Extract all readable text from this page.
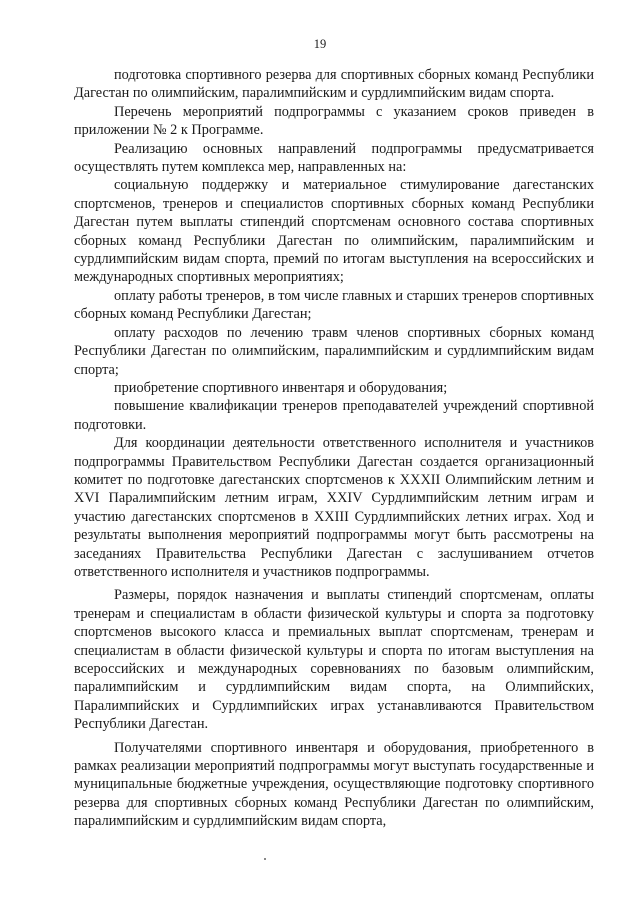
19

подготовка спортивного резерва для спортивных сборных команд Республики Дагестан по олимпийским, паралимпийским и сурдлимпийским видам спорта.

Перечень мероприятий подпрограммы с указанием сроков приведен в приложении № 2 к Программе.

Реализацию основных направлений подпрограммы предусматривается осуществлять путем комплекса мер, направленных на:

социальную поддержку и материальное стимулирование дагестанских спортсменов, тренеров и специалистов спортивных сборных команд Республики Дагестан путем выплаты стипендий спортсменам основного состава спортивных сборных команд Республики Дагестан по олимпийским, паралимпийским и сурдлимпийским видам спорта, премий по итогам выступления на всероссийских и международных спортивных мероприятиях;

оплату работы тренеров, в том числе главных и старших тренеров спортивных сборных команд Республики Дагестан;

оплату расходов по лечению травм членов спортивных сборных команд Республики Дагестан по олимпийским, паралимпийским и сурдлимпийским видам спорта;

приобретение спортивного инвентаря и оборудования;

повышение квалификации тренеров преподавателей учреждений спортивной подготовки.

Для координации деятельности ответственного исполнителя и участников подпрограммы Правительством Республики Дагестан создается организационный комитет по подготовке дагестанских спортсменов к XXXII Олимпийским летним и XVI Паралимпийским летним играм, XXIV Сурдлимпийским летним играм и участию дагестанских спортсменов в XXIII Сурдлимпийских летних играх. Ход и результаты выполнения мероприятий подпрограммы могут быть рассмотрены на заседаниях Правительства Республики Дагестан с заслушиванием отчетов ответственного исполнителя и участников подпрограммы.

Размеры, порядок назначения и выплаты стипендий спортсменам, оплаты тренерам и специалистам в области физической культуры и спорта за подготовку спортсменов высокого класса и премиальных выплат спортсменам, тренерам и специалистам в области физической культуры и спорта по итогам выступления на всероссийских и международных соревнованиях по базовым олимпийским, паралимпийским и сурдлимпийским видам спорта, на Олимпийских, Паралимпийских и Сурдлимпийских играх устанавливаются Правительством Республики Дагестан.

Получателями спортивного инвентаря и оборудования, приобретенного в рамках реализации мероприятий подпрограммы могут выступать государственные и муниципальные бюджетные учреждения, осуществляющие подготовку спортивного резерва для спортивных сборных команд Республики Дагестан по олимпийским, паралимпийским и сурдлимпийским видам спорта,
